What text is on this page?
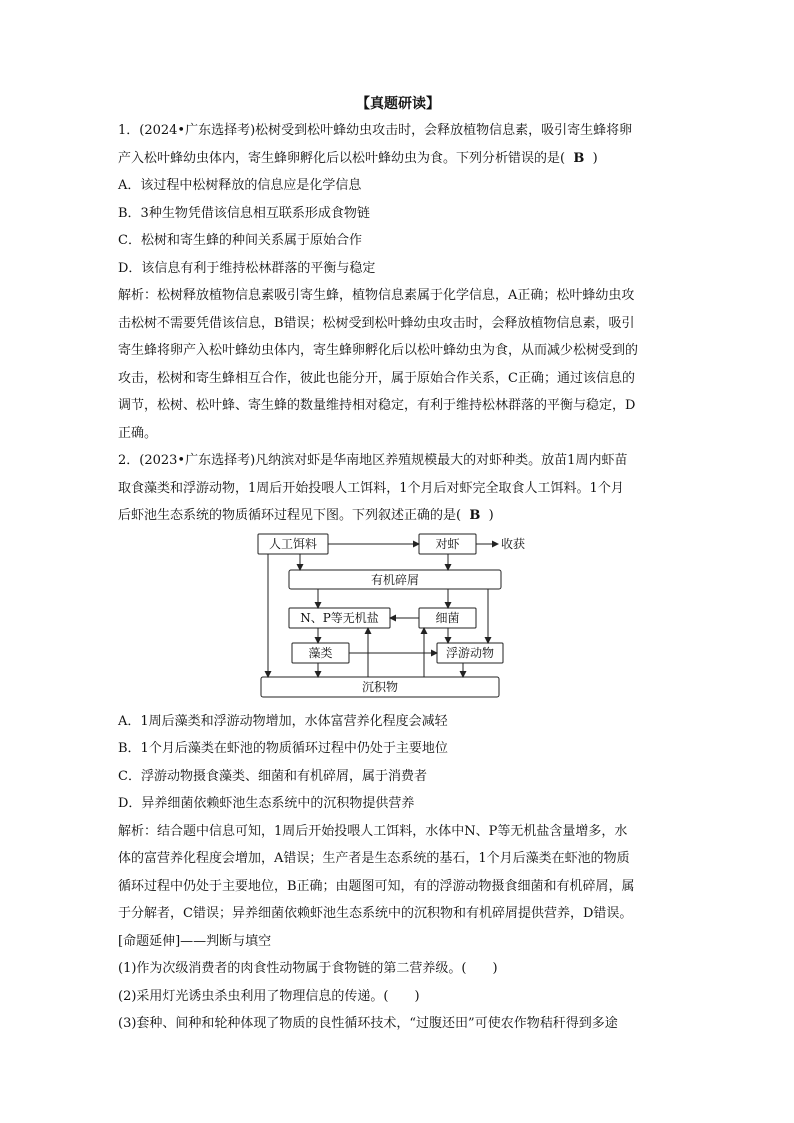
【真题研读】

1．(2024•广东选择考)松树受到松叶蜂幼虫攻击时，会释放植物信息素，吸引寄生蜂将卵

产入松叶蜂幼虫体内，寄生蜂卵孵化后以松叶蜂幼虫为食。下列分析错误的是( B )

A．该过程中松树释放的信息应是化学信息

B．3种生物凭借该信息相互联系形成食物链

C．松树和寄生蜂的种间关系属于原始合作

D．该信息有利于维持松林群落的平衡与稳定

解析：松树释放植物信息素吸引寄生蜂，植物信息素属于化学信息，A正确；松叶蜂幼虫攻

击松树不需要凭借该信息，B错误；松树受到松叶蜂幼虫攻击时，会释放植物信息素，吸引

寄生蜂将卵产入松叶蜂幼虫体内，寄生蜂卵孵化后以松叶蜂幼虫为食，从而减少松树受到的

攻击，松树和寄生蜂相互合作，彼此也能分开，属于原始合作关系，C正确；通过该信息的

调节，松树、松叶蜂、寄生蜂的数量维持相对稳定，有利于维持松林群落的平衡与稳定，D

正确。

2．(2023•广东选择考)凡纳滨对虾是华南地区养殖规模最大的对虾种类。放苗1周内虾苗

取食藻类和浮游动物，1周后开始投喂人工饵料，1个月后对虾完全取食人工饵料。1个月

后虾池生态系统的物质循环过程见下图。下列叙述正确的是( B )

人工饵料	对虾	收获
有机碎屑
N、P等无机盐	细菌
藻类	浮游动物
沉积物

A．1周后藻类和浮游动物增加，水体富营养化程度会减轻

B．1个月后藻类在虾池的物质循环过程中仍处于主要地位

C．浮游动物摄食藻类、细菌和有机碎屑，属于消费者

D．异养细菌依赖虾池生态系统中的沉积物提供营养

解析：结合题中信息可知，1周后开始投喂人工饵料，水体中N、P等无机盐含量增多，水

体的富营养化程度会增加，A错误；生产者是生态系统的基石，1个月后藻类在虾池的物质

循环过程中仍处于主要地位，B正确；由题图可知，有的浮游动物摄食细菌和有机碎屑，属

于分解者，C错误；异养细菌依赖虾池生态系统中的沉积物和有机碎屑提供营养，D错误。

[命题延伸]——判断与填空

(1)作为次级消费者的肉食性动物属于食物链的第二营养级。(　　)

(2)采用灯光诱虫杀虫利用了物理信息的传递。(　　)

(3)套种、间种和轮种体现了物质的良性循环技术，“过腹还田”可使农作物秸秆得到多途
